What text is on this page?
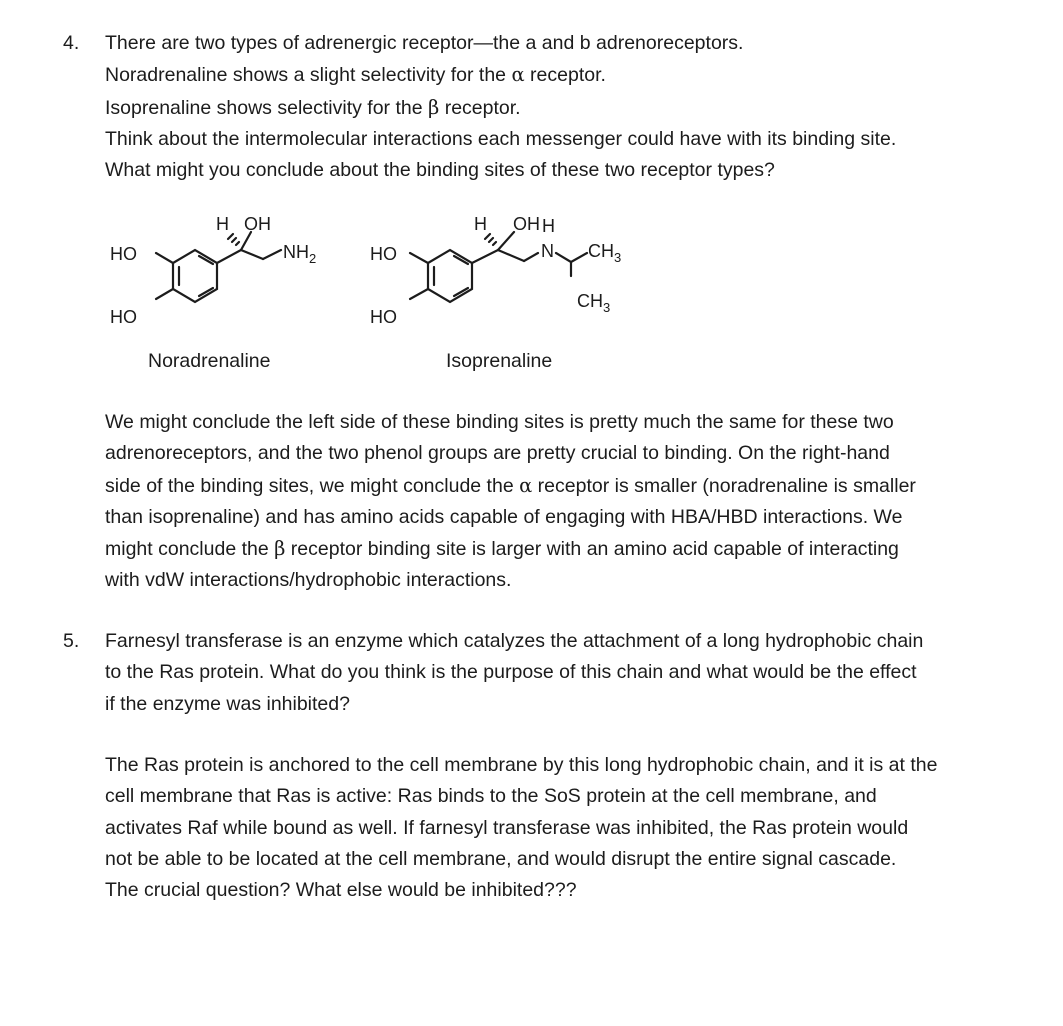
4. There are two types of adrenergic receptor—the a and b adrenoreceptors.
Noradrenaline shows a slight selectivity for the α receptor.
Isoprenaline shows selectivity for the β receptor.
Think about the intermolecular interactions each messenger could have with its binding site.
What might you conclude about the binding sites of these two receptor types?
HO
HO
H OH
$NH_2$
Noradrenaline
HO
HO
H OH H
N $CH_3$
$CH_3$
Isoprenaline
We might conclude the left side of these binding sites is pretty much the same for these two
adrenoreceptors, and the two phenol groups are pretty crucial to binding. On the right-hand
side of the binding sites, we might conclude the α receptor is smaller (noradrenaline is smaller
than isoprenaline) and has amino acids capable of engaging with HBA/HBD interactions. We
might conclude the β receptor binding site is larger with an amino acid capable of interacting
with vdW interactions/hydrophobic interactions.
5. Farnesyl transferase is an enzyme which catalyzes the attachment of a long hydrophobic chain
to the Ras protein. What do you think is the purpose of this chain and what would be the effect
if the enzyme was inhibited?
The Ras protein is anchored to the cell membrane by this long hydrophobic chain, and it is at the
cell membrane that Ras is active: Ras binds to the SoS protein at the cell membrane, and
activates Raf while bound as well. If farnesyl transferase was inhibited, the Ras protein would
not be able to be located at the cell membrane, and would disrupt the entire signal cascade.
The crucial question? What else would be inhibited???
